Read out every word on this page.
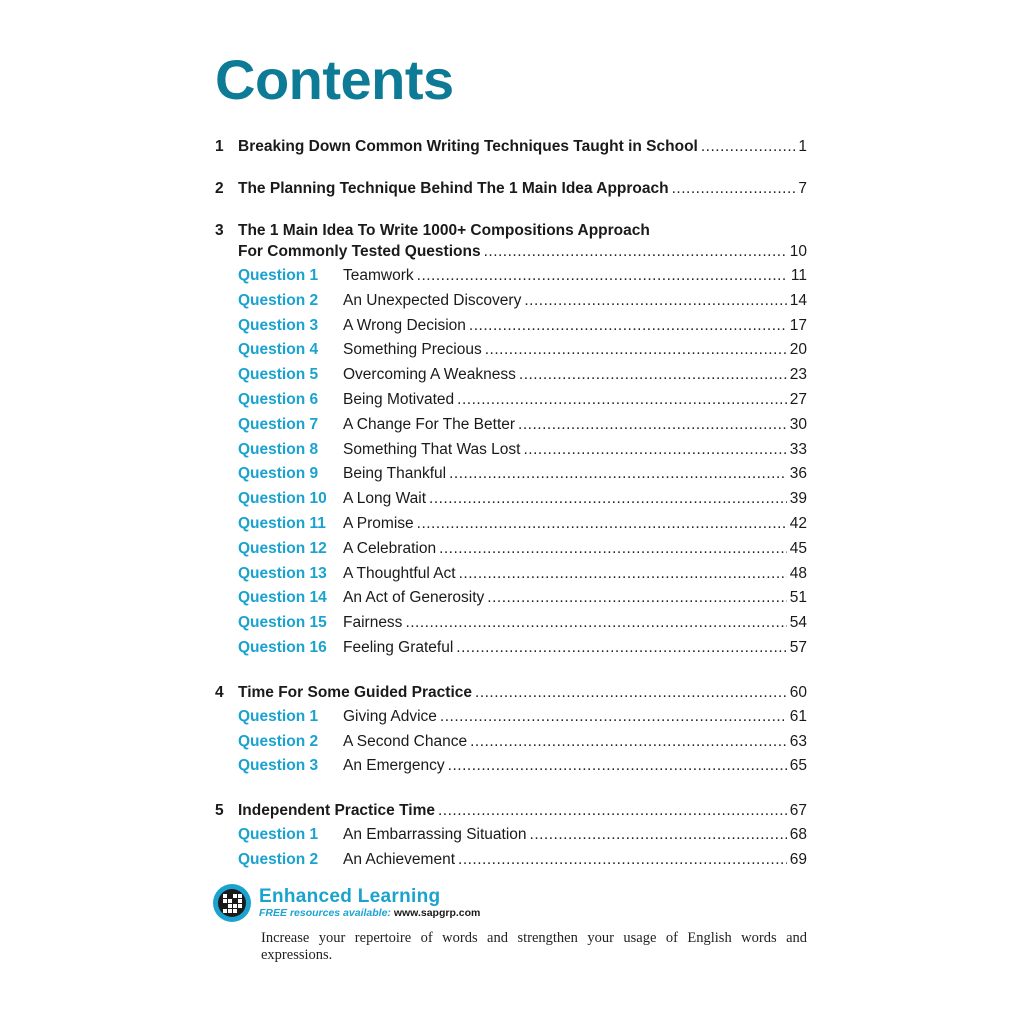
Contents
1 Breaking Down Common Writing Techniques Taught in School .....	1
2 The Planning Technique Behind The 1 Main Idea Approach .....	7
3 The 1 Main Idea To Write 1000+ Compositions Approach
For Commonly Tested Questions .....	10
Question 1	Teamwork .....	11
Question 2	An Unexpected Discovery .....	14
Question 3	A Wrong Decision .....	17
Question 4	Something Precious .....	20
Question 5	Overcoming A Weakness .....	23
Question 6	Being Motivated .....	27
Question 7	A Change For The Better .....	30
Question 8	Something That Was Lost .....	33
Question 9	Being Thankful .....	36
Question 10	A Long Wait .....	39
Question 11	A Promise .....	42
Question 12	A Celebration .....	45
Question 13	A Thoughtful Act .....	48
Question 14	An Act of Generosity .....	51
Question 15	Fairness .....	54
Question 16	Feeling Grateful .....	57
4 Time For Some Guided Practice .....	60
Question 1	Giving Advice .....	61
Question 2	A Second Chance .....	63
Question 3	An Emergency .....	65
5 Independent Practice Time .....	67
Question 1	An Embarrassing Situation .....	68
Question 2	An Achievement .....	69
Enhanced Learning
FREE resources available: www.sapgrp.com
Increase your repertoire of words and strengthen your usage of English words and expressions.
